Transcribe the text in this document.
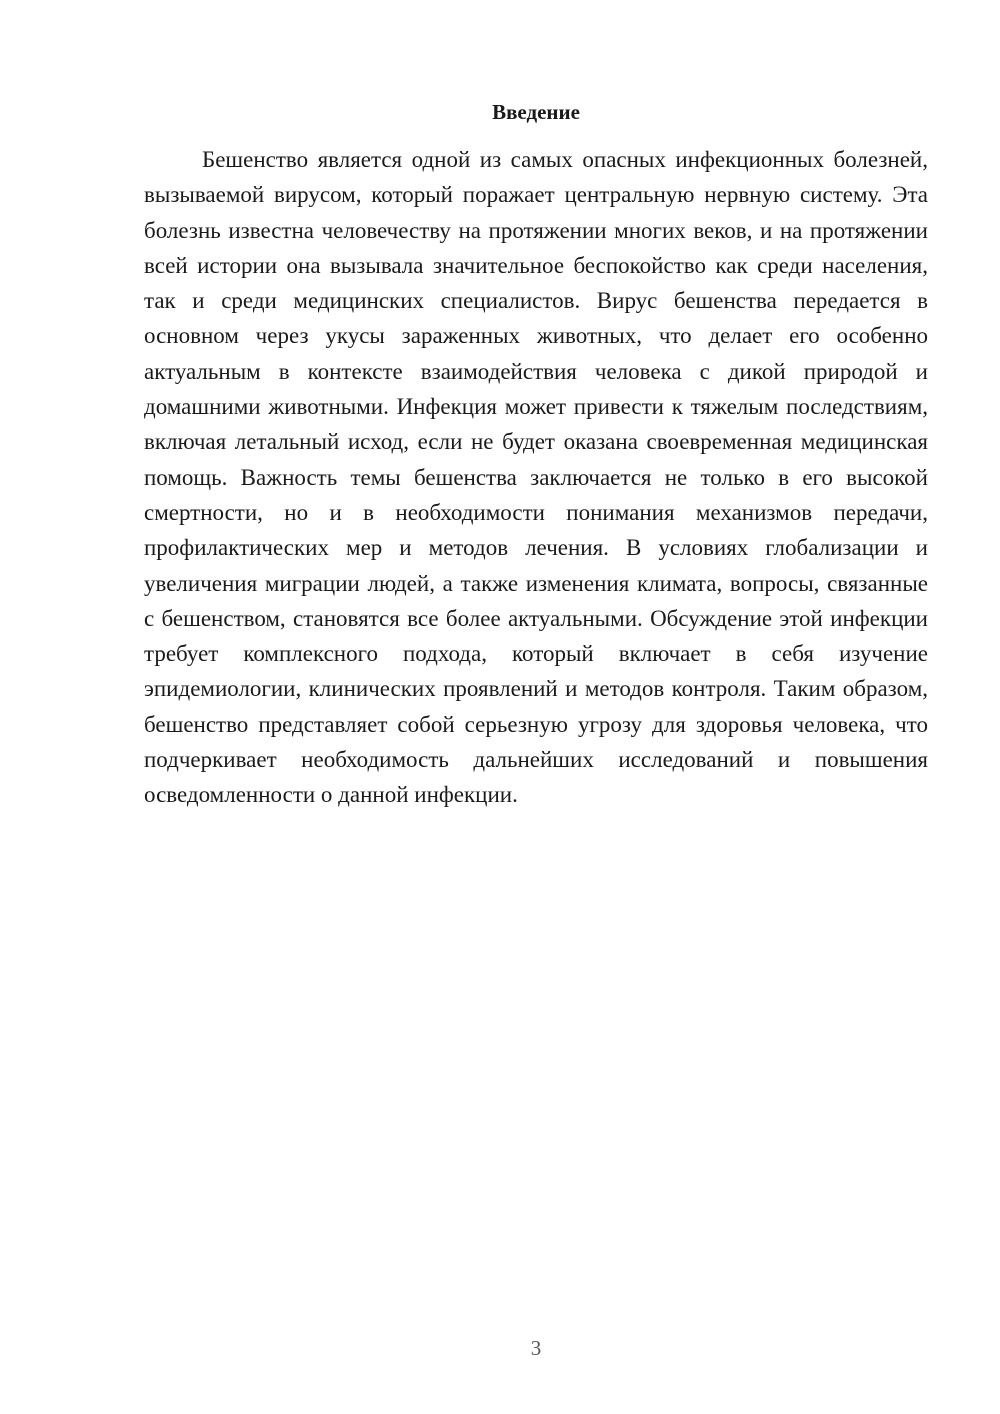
Введение

Бешенство является одной из самых опасных инфекционных болезней, вызываемой вирусом, который поражает центральную нервную систему. Эта болезнь известна человечеству на протяжении многих веков, и на протяжении всей истории она вызывала значительное беспокойство как среди населения, так и среди медицинских специалистов. Вирус бешенства передается в основном через укусы зараженных животных, что делает его особенно актуальным в контексте взаимодействия человека с дикой природой и домашними животными. Инфекция может привести к тяжелым последствиям, включая летальный исход, если не будет оказана своевременная медицинская помощь. Важность темы бешенства заключается не только в его высокой смертности, но и в необходимости понимания механизмов передачи, профилактических мер и методов лечения. В условиях глобализации и увеличения миграции людей, а также изменения климата, вопросы, связанные с бешенством, становятся все более актуальными. Обсуждение этой инфекции требует комплексного подхода, который включает в себя изучение эпидемиологии, клинических проявлений и методов контроля. Таким образом, бешенство представляет собой серьезную угрозу для здоровья человека, что подчеркивает необходимость дальнейших исследований и повышения осведомленности о данной инфекции.

3
